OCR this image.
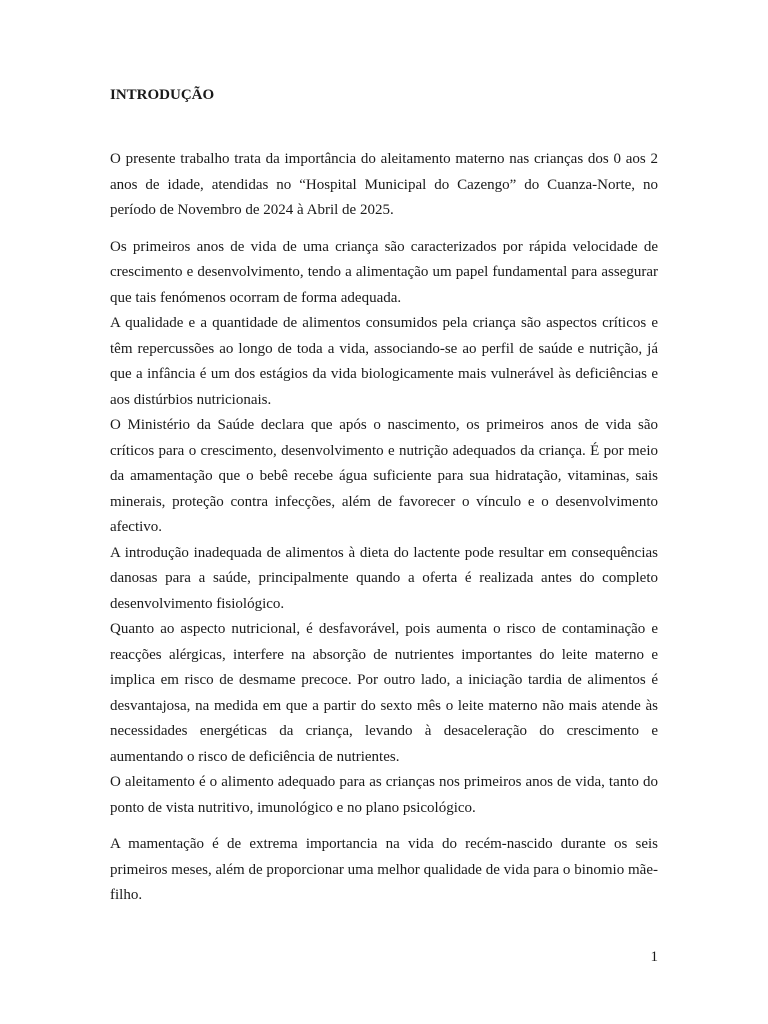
INTRODUÇÃO

O presente trabalho trata da importância do aleitamento materno nas crianças dos 0 aos 2 anos de idade, atendidas no “Hospital Municipal do Cazengo” do Cuanza-Norte, no período de Novembro de 2024 à Abril de 2025.

Os primeiros anos de vida de uma criança são caracterizados por rápida velocidade de crescimento e desenvolvimento, tendo a alimentação um papel fundamental para assegurar que tais fenómenos ocorram de forma adequada.

A qualidade e a quantidade de alimentos consumidos pela criança são aspectos críticos e têm repercussões ao longo de toda a vida, associando-se ao perfil de saúde e nutrição, já que a infância é um dos estágios da vida biologicamente mais vulnerável às deficiências e aos distúrbios nutricionais.

O Ministério da Saúde declara que após o nascimento, os primeiros anos de vida são críticos para o crescimento, desenvolvimento e nutrição adequados da criança. É por meio da amamentação que o bebê recebe água suficiente para sua hidratação, vitaminas, sais minerais, proteção contra infecções, além de favorecer o vínculo e o desenvolvimento afectivo.

A introdução inadequada de alimentos à dieta do lactente pode resultar em consequências danosas para a saúde, principalmente quando a oferta é realizada antes do completo desenvolvimento fisiológico.

Quanto ao aspecto nutricional, é desfavorável, pois aumenta o risco de contaminação e reacções alérgicas, interfere na absorção de nutrientes importantes do leite materno e implica em risco de desmame precoce. Por outro lado, a iniciação tardia de alimentos é desvantajosa, na medida em que a partir do sexto mês o leite materno não mais atende às necessidades energéticas da criança, levando à desaceleração do crescimento e aumentando o risco de deficiência de nutrientes.

O aleitamento é o alimento adequado para as crianças nos primeiros anos de vida, tanto do ponto de vista nutritivo, imunológico e no plano psicológico.

A mamentação é de extrema importancia na vida do recém-nascido durante os seis primeiros meses, além de proporcionar uma melhor qualidade de vida para o binomio mãe-filho.

1
